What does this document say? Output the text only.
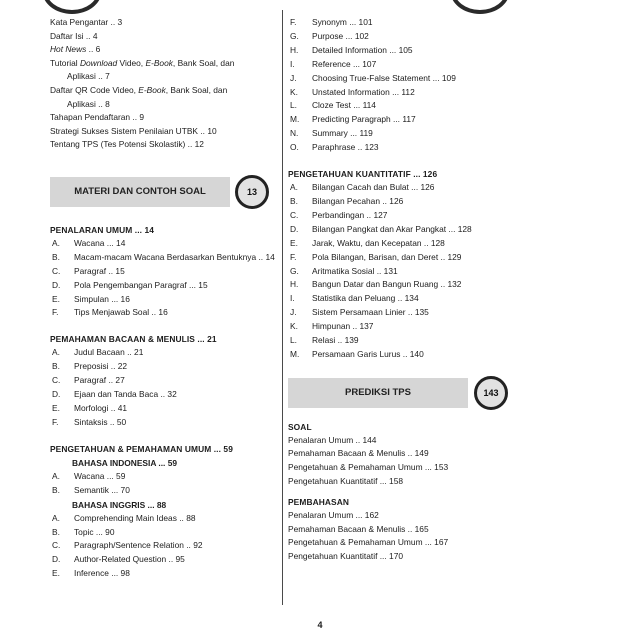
Kata Pengantar .. 3
Daftar Isi .. 4
Hot News .. 6
Tutorial Download Video, E-Book, Bank Soal, dan
Aplikasi .. 7
Daftar QR Code Video, E-Book, Bank Soal, dan
Aplikasi .. 8
Tahapan Pendaftaran .. 9
Strategi Sukses Sistem Penilaian UTBK .. 10
Tentang TPS (Tes Potensi Skolastik) .. 12
MATERI DAN CONTOH SOAL	13
PENALARAN UMUM ... 14
A.	Wacana ... 14
B.	Macam-macam Wacana Berdasarkan Bentuknya .. 14
C.	Paragraf .. 15
D.	Pola Pengembangan Paragraf ... 15
E.	Simpulan ... 16
F.	Tips Menjawab Soal .. 16
PEMAHAMAN BACAAN & MENULIS ... 21
A.	Judul Bacaan .. 21
B.	Preposisi .. 22
C.	Paragraf .. 27
D.	Ejaan dan Tanda Baca .. 32
E.	Morfologi .. 41
F.	Sintaksis .. 50
PENGETAHUAN & PEMAHAMAN UMUM ... 59
BAHASA INDONESIA ... 59
A.	Wacana ... 59
B.	Semantik ... 70
BAHASA INGGRIS ... 88
A.	Comprehending Main Ideas .. 88
B.	Topic ... 90
C.	Paragraph/Sentence Relation .. 92
D.	Author-Related Question .. 95
E.	Inference ... 98
F.	Synonym ... 101
G.	Purpose ... 102
H.	Detailed Information ... 105
I.	Reference ... 107
J.	Choosing True-False Statement ... 109
K.	Unstated Information ... 112
L.	Cloze Test ... 114
M.	Predicting Paragraph ... 117
N.	Summary ... 119
O.	Paraphrase .. 123
PENGETAHUAN KUANTITATIF ... 126
A.	Bilangan Cacah dan Bulat ... 126
B.	Bilangan Pecahan .. 126
C.	Perbandingan .. 127
D.	Bilangan Pangkat dan Akar Pangkat ... 128
E.	Jarak, Waktu, dan Kecepatan .. 128
F.	Pola Bilangan, Barisan, dan Deret .. 129
G.	Aritmatika Sosial .. 131
H.	Bangun Datar dan Bangun Ruang .. 132
I.	Statistika dan Peluang .. 134
J.	Sistem Persamaan Linier .. 135
K.	Himpunan .. 137
L.	Relasi .. 139
M.	Persamaan Garis Lurus .. 140
PREDIKSI TPS	143
SOAL
Penalaran Umum .. 144
Pemahaman Bacaan & Menulis .. 149
Pengetahuan & Pemahaman Umum ... 153
Pengetahuan Kuantitatif ... 158
PEMBAHASAN
Penalaran Umum ... 162
Pemahaman Bacaan & Menulis .. 165
Pengetahuan & Pemahaman Umum ... 167
Pengetahuan Kuantitatif ... 170
4
